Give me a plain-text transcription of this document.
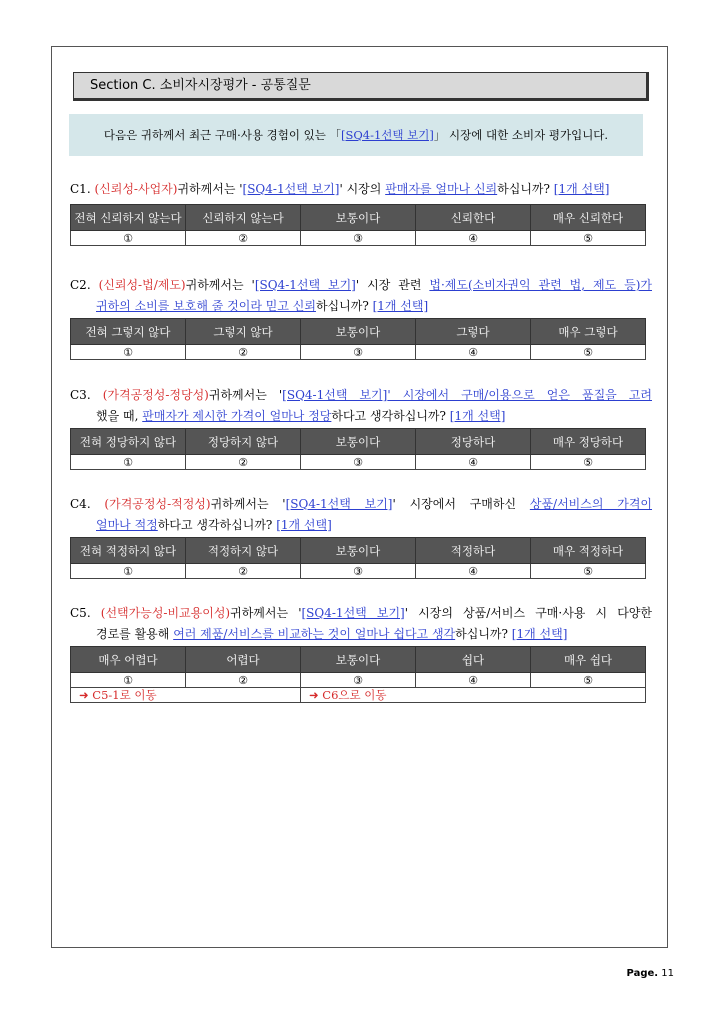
Section C. 소비자시장평가 - 공통질문
다음은 귀하께서 최근 구매·사용 경험이 있는 「[SQ4-1선택 보기]」 시장에 대한 소비자 평가입니다.
C1. (신뢰성-사업자)귀하께서는 '[SQ4-1선택 보기]' 시장의 판매자를 얼마나 신뢰하십니까? [1개 선택]
전혀 신뢰하지 않는다	신뢰하지 않는다	보통이다	신뢰한다	매우 신뢰한다
①	②	③	④	⑤
C2. (신뢰성-법/제도)귀하께서는 '[SQ4-1선택 보기]' 시장 관련 법·제도(소비자권익 관련 법, 제도 등)가
귀하의 소비를 보호해 줄 것이라 믿고 신뢰하십니까? [1개 선택]
전혀 그렇지 않다	그렇지 않다	보통이다	그렇다	매우 그렇다
①	②	③	④	⑤
C3. (가격공정성-정당성)귀하께서는 '[SQ4-1선택 보기]' 시장에서 구매/이용으로 얻은 품질을 고려
했을 때, 판매자가 제시한 가격이 얼마나 정당하다고 생각하십니까? [1개 선택]
전혀 정당하지 않다	정당하지 않다	보통이다	정당하다	매우 정당하다
①	②	③	④	⑤
C4. (가격공정성-적정성)귀하께서는 '[SQ4-1선택 보기]' 시장에서 구매하신 상품/서비스의 가격이
얼마나 적정하다고 생각하십니까? [1개 선택]
전혀 적정하지 않다	적정하지 않다	보통이다	적정하다	매우 적정하다
①	②	③	④	⑤
C5. (선택가능성-비교용이성)귀하께서는 '[SQ4-1선택 보기]' 시장의 상품/서비스 구매·사용 시 다양한
경로를 활용해 여러 제품/서비스를 비교하는 것이 얼마나 쉽다고 생각하십니까? [1개 선택]
매우 어렵다	어렵다	보통이다	쉽다	매우 쉽다
①	②	③	④	⑤
➜ C5-1로 이동		➜ C6으로 이동		
Page. 11
